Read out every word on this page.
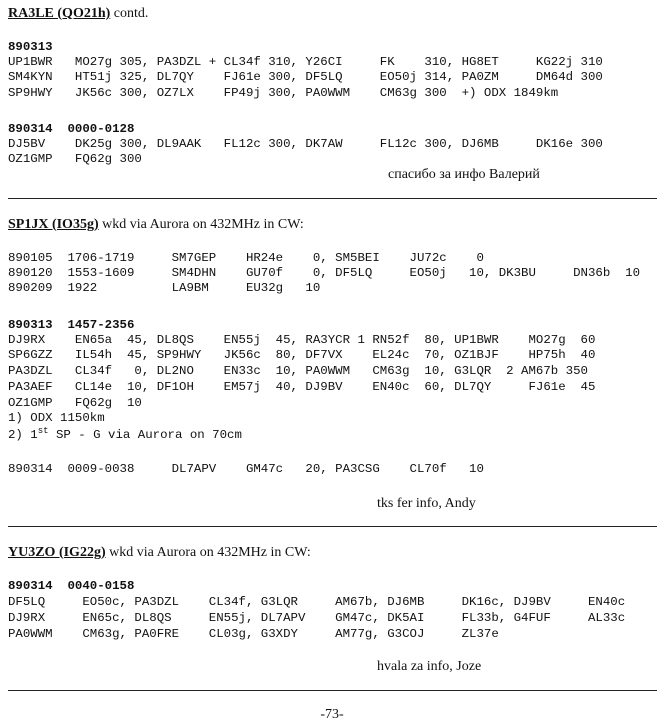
RA3LE (QO21h) contd.
890313
UP1BWR   MO27g 305, PA3DZL + CL34f 310, Y26CI     FK    310, HG8ET     KG22j 310
SM4KYN   HT51j 325, DL7QY    FJ61e 300, DF5LQ     EO50j 314, PA0ZM     DM64d 300
SP9HWY   JK56c 300, OZ7LX    FP49j 300, PA0WWM    CM63g 300  +) ODX 1849km
890314  0000-0128
DJ5BV    DK25g 300, DL9AAK   FL12c 300, DK7AW     FL12c 300, DJ6MB     DK16e 300
OZ1GMP   FQ62g 300
спасибо за инфо Валерий
SP1JX (IO35g) wkd via Aurora on 432MHz in CW:
890105  1706-1719     SM7GEP    HR24e    0, SM5BEI    JU72c    0
890120  1553-1609     SM4DHN    GU70f    0, DF5LQ     EO50j   10, DK3BU     DN36b  10
890209  1922          LA9BM     EU32g   10
890313  1457-2356
DJ9RX    EN65a  45, DL8QS    EN55j  45, RA3YCR 1 RN52f  80, UP1BWR    MO27g  60
SP6GZZ   IL54h  45, SP9HWY   JK56c  80, DF7VX    EL24c  70, OZ1BJF    HP75h  40
PA3DZL   CL34f   0, DL2NO    EN33c  10, PA0WWM   CM63g  10, G3LQR  2 AM67b 350
PA3AEF   CL14e  10, DF1OH    EM57j  40, DJ9BV    EN40c  60, DL7QY     FJ61e  45
OZ1GMP   FQ62g  10
1) ODX 1150km
2) 1st SP - G via Aurora on 70cm
890314  0009-0038     DL7APV    GM47c   20, PA3CSG    CL70f   10
tks fer info, Andy
YU3ZO (IG22g) wkd via Aurora on 432MHz in CW:
890314  0040-0158
DF5LQ     EO50c, PA3DZL    CL34f, G3LQR     AM67b, DJ6MB     DK16c, DJ9BV     EN40c
DJ9RX     EN65c, DL8QS     EN55j, DL7APV    GM47c, DK5AI     FL33b, G4FUF     AL33c
PA0WWM    CM63g, PA0FRE    CL03g, G3XDY     AM77g, G3COJ     ZL37e
hvala za info, Joze
-73-
